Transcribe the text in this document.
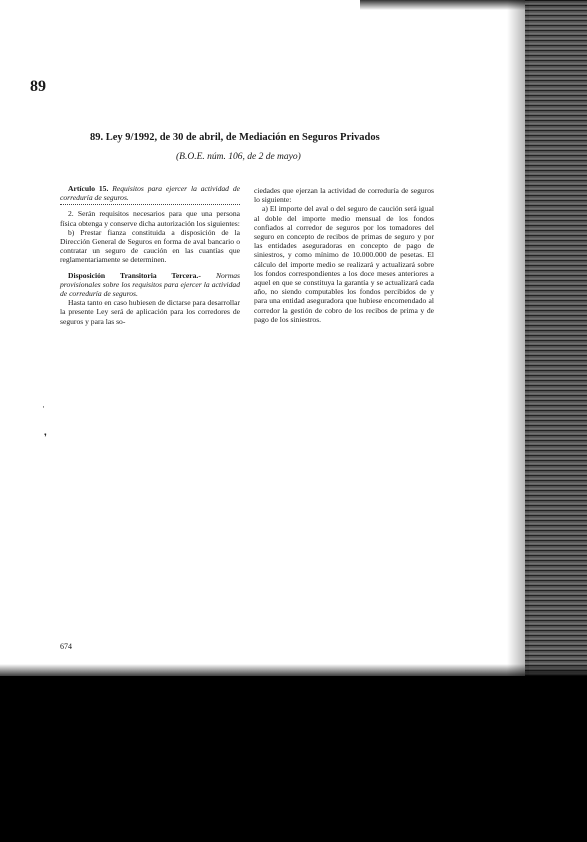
89
89. Ley 9/1992, de 30 de abril, de Mediación en Seguros Privados
(B.O.E. núm. 106, de 2 de mayo)

Artículo 15. Requisitos para ejercer la actividad de correduría de seguros.

2. Serán requisitos necesarios para que una persona física obtenga y conserve dicha autorización los siguientes:

b) Prestar fianza constituida a disposición de la Dirección General de Seguros en forma de aval bancario o contratar un seguro de caución en las cuantías que reglamentariamente se determinen.

Disposición Transitoria Tercera.- Normas provisionales sobre los requisitos para ejercer la actividad de correduría de seguros.

Hasta tanto en caso hubiesen de dictarse para desarrollar la presente Ley será de aplicación para los corredores de seguros y para las so-

ciedades que ejerzan la actividad de correduría de seguros lo siguiente:

a) El importe del aval o del seguro de caución será igual al doble del importe medio mensual de los fondos confiados al corredor de seguros por los tomadores del seguro en concepto de recibos de primas de seguro y por las entidades aseguradoras en concepto de pago de siniestros, y como mínimo de 10.000.000 de pesetas. El cálculo del importe medio se realizará y actualizará sobre los fondos correspondientes a los doce meses anteriores a aquel en que se constituya la garantía y se actualizará cada año, no siendo computables los fondos percibidos de y para una entidad aseguradora que hubiese encomendado al corredor la gestión de cobro de los recibos de prima y de pago de los siniestros.

·
❜
674
